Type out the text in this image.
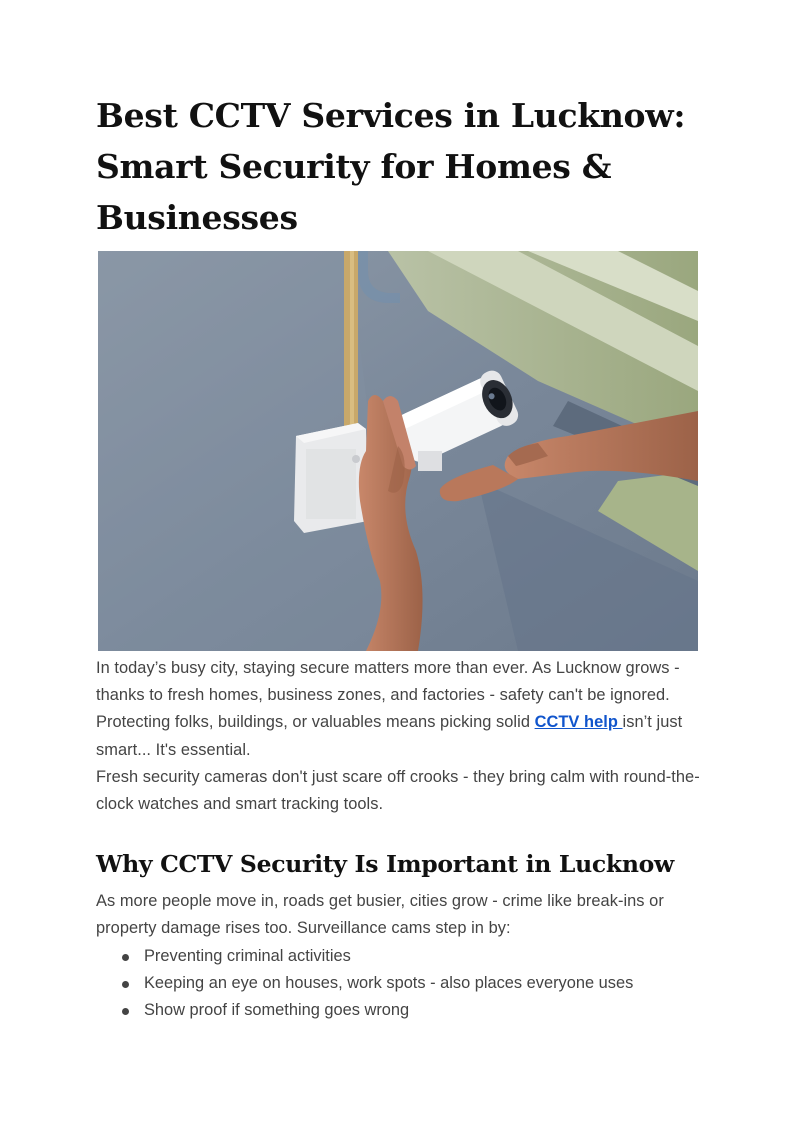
Best CCTV Services in Lucknow:
Smart Security for Homes &
Businesses

In today’s busy city, staying secure matters more than ever. As Lucknow grows - thanks to fresh homes, business zones, and factories - safety can't be ignored. Protecting folks, buildings, or valuables means picking solid CCTV help isn’t just smart... It's essential.

Fresh security cameras don't just scare off crooks - they bring calm with round-the-clock watches and smart tracking tools.

Why CCTV Security Is Important in Lucknow

As more people move in, roads get busier, cities grow - crime like break-ins or property damage rises too. Surveillance cams step in by:

Preventing criminal activities
Keeping an eye on houses, work spots - also places everyone uses
Show proof if something goes wrong
